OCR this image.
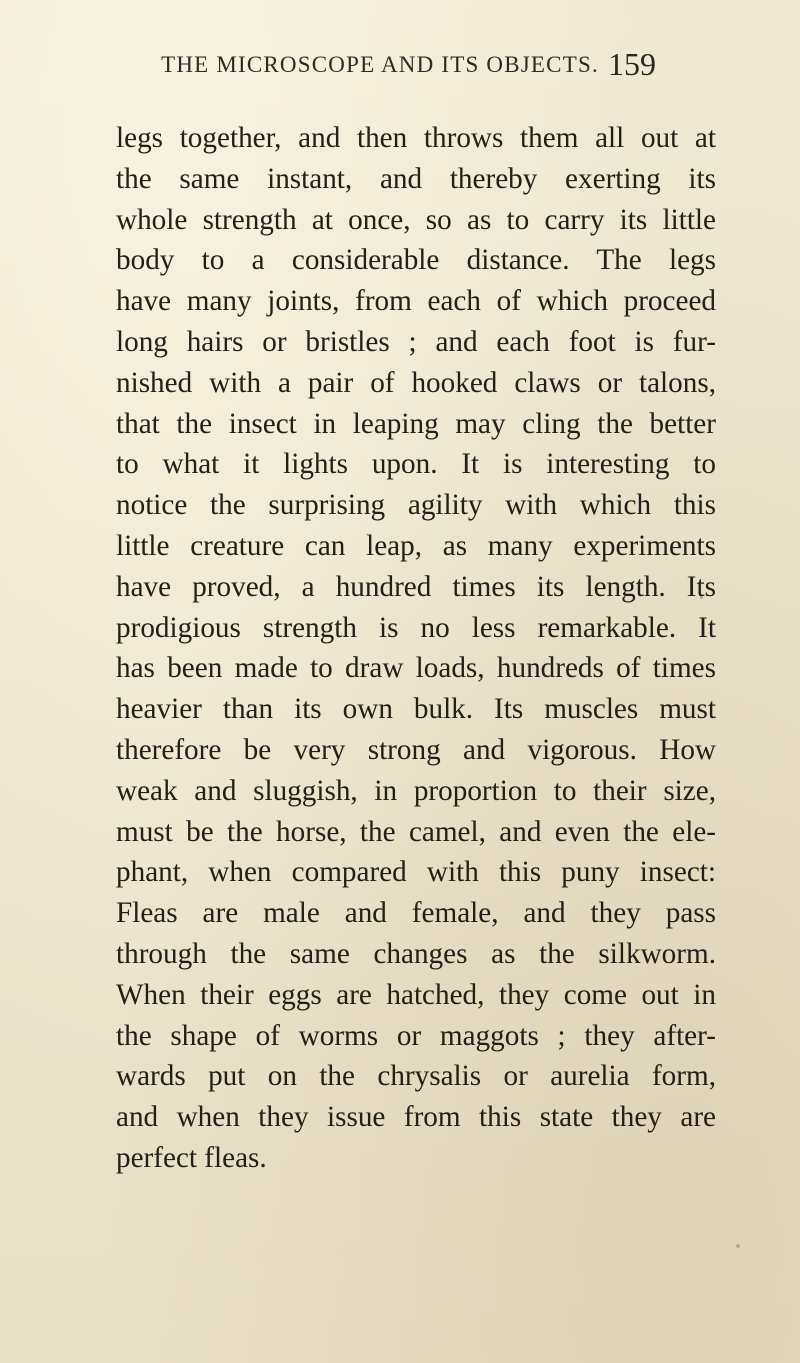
THE MICROSCOPE AND ITS OBJECTS. 159
legs together, and then throws them all out at
the same instant, and thereby exerting its
whole strength at once, so as to carry its little
body to a considerable distance. The legs
have many joints, from each of which proceed
long hairs or bristles ; and each foot is fur-
nished with a pair of hooked claws or talons,
that the insect in leaping may cling the better
to what it lights upon. It is interesting to
notice the surprising agility with which this
little creature can leap, as many experiments
have proved, a hundred times its length. Its
prodigious strength is no less remarkable. It
has been made to draw loads, hundreds of times
heavier than its own bulk. Its muscles must
therefore be very strong and vigorous. How
weak and sluggish, in proportion to their size,
must be the horse, the camel, and even the ele-
phant, when compared with this puny insect:
Fleas are male and female, and they pass
through the same changes as the silkworm.
When their eggs are hatched, they come out in
the shape of worms or maggots ; they after-
wards put on the chrysalis or aurelia form,
and when they issue from this state they are
perfect fleas.
